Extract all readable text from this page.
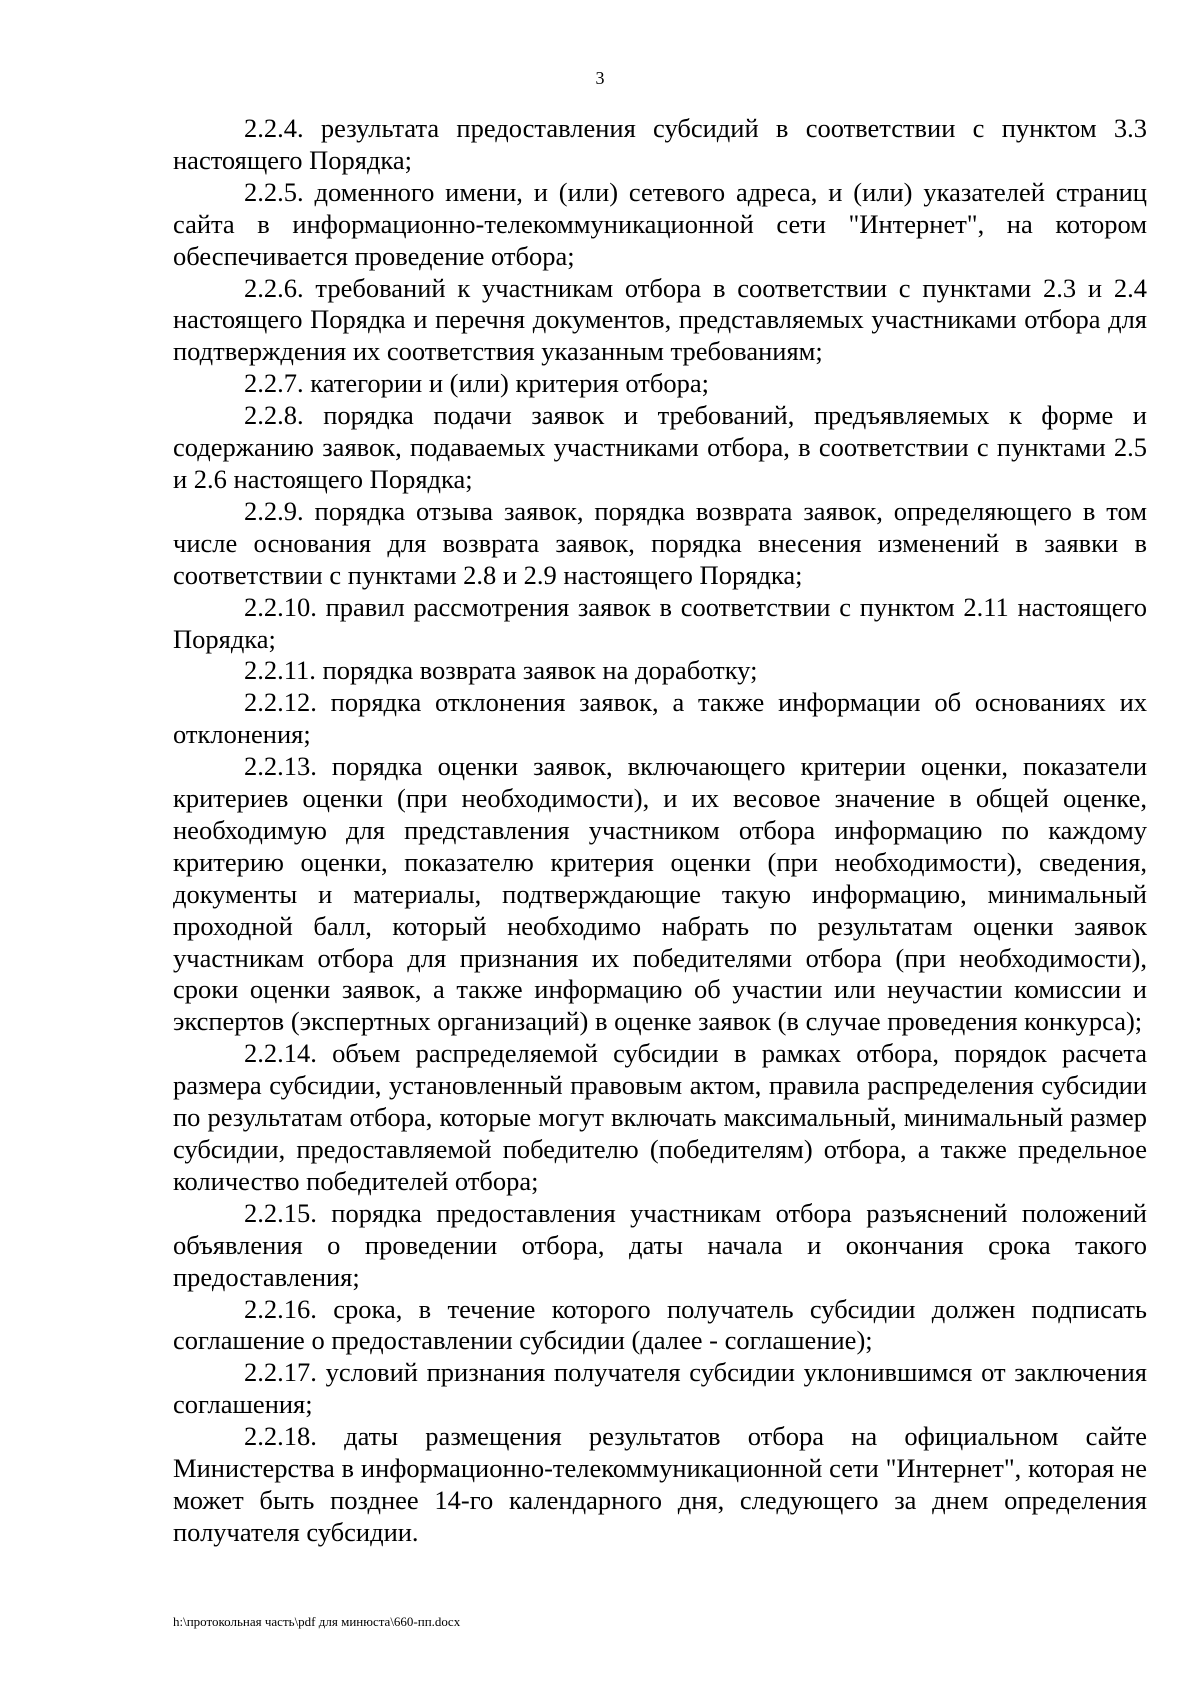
3

2.2.4. результата предоставления субсидий в соответствии с пунктом 3.3 настоящего Порядка;

2.2.5. доменного имени, и (или) сетевого адреса, и (или) указателей страниц сайта в информационно-телекоммуникационной сети "Интернет", на котором обеспечивается проведение отбора;

2.2.6. требований к участникам отбора в соответствии с пунктами 2.3 и 2.4 настоящего Порядка и перечня документов, представляемых участниками отбора для подтверждения их соответствия указанным требованиям;

2.2.7. категории и (или) критерия отбора;

2.2.8. порядка подачи заявок и требований, предъявляемых к форме и содержанию заявок, подаваемых участниками отбора, в соответствии с пунктами 2.5 и 2.6 настоящего Порядка;

2.2.9. порядка отзыва заявок, порядка возврата заявок, определяющего в том числе основания для возврата заявок, порядка внесения изменений в заявки в соответствии с пунктами 2.8 и 2.9 настоящего Порядка;

2.2.10. правил рассмотрения заявок в соответствии с пунктом 2.11 настоящего Порядка;

2.2.11. порядка возврата заявок на доработку;

2.2.12. порядка отклонения заявок, а также информации об основаниях их отклонения;

2.2.13. порядка оценки заявок, включающего критерии оценки, показатели критериев оценки (при необходимости), и их весовое значение в общей оценке, необходимую для представления участником отбора информацию по каждому критерию оценки, показателю критерия оценки (при необходимости), сведения, документы и материалы, подтверждающие такую информацию, минимальный проходной балл, который необходимо набрать по результатам оценки заявок участникам отбора для признания их победителями отбора (при необходимости), сроки оценки заявок, а также информацию об участии или неучастии комиссии и экспертов (экспертных организаций) в оценке заявок (в случае проведения конкурса);

2.2.14. объем распределяемой субсидии в рамках отбора, порядок расчета размера субсидии, установленный правовым актом, правила распределения субсидии по результатам отбора, которые могут включать максимальный, минимальный размер субсидии, предоставляемой победителю (победителям) отбора, а также предельное количество победителей отбора;

2.2.15. порядка предоставления участникам отбора разъяснений положений объявления о проведении отбора, даты начала и окончания срока такого предоставления;

2.2.16. срока, в течение которого получатель субсидии должен подписать соглашение о предоставлении субсидии (далее - соглашение);

2.2.17. условий признания получателя субсидии уклонившимся от заключения соглашения;

2.2.18. даты размещения результатов отбора на официальном сайте Министерства в информационно-телекоммуникационной сети "Интернет", которая не может быть позднее 14-го календарного дня, следующего за днем определения получателя субсидии.

h:\протокольная часть\pdf для минюста\660-пп.docx
